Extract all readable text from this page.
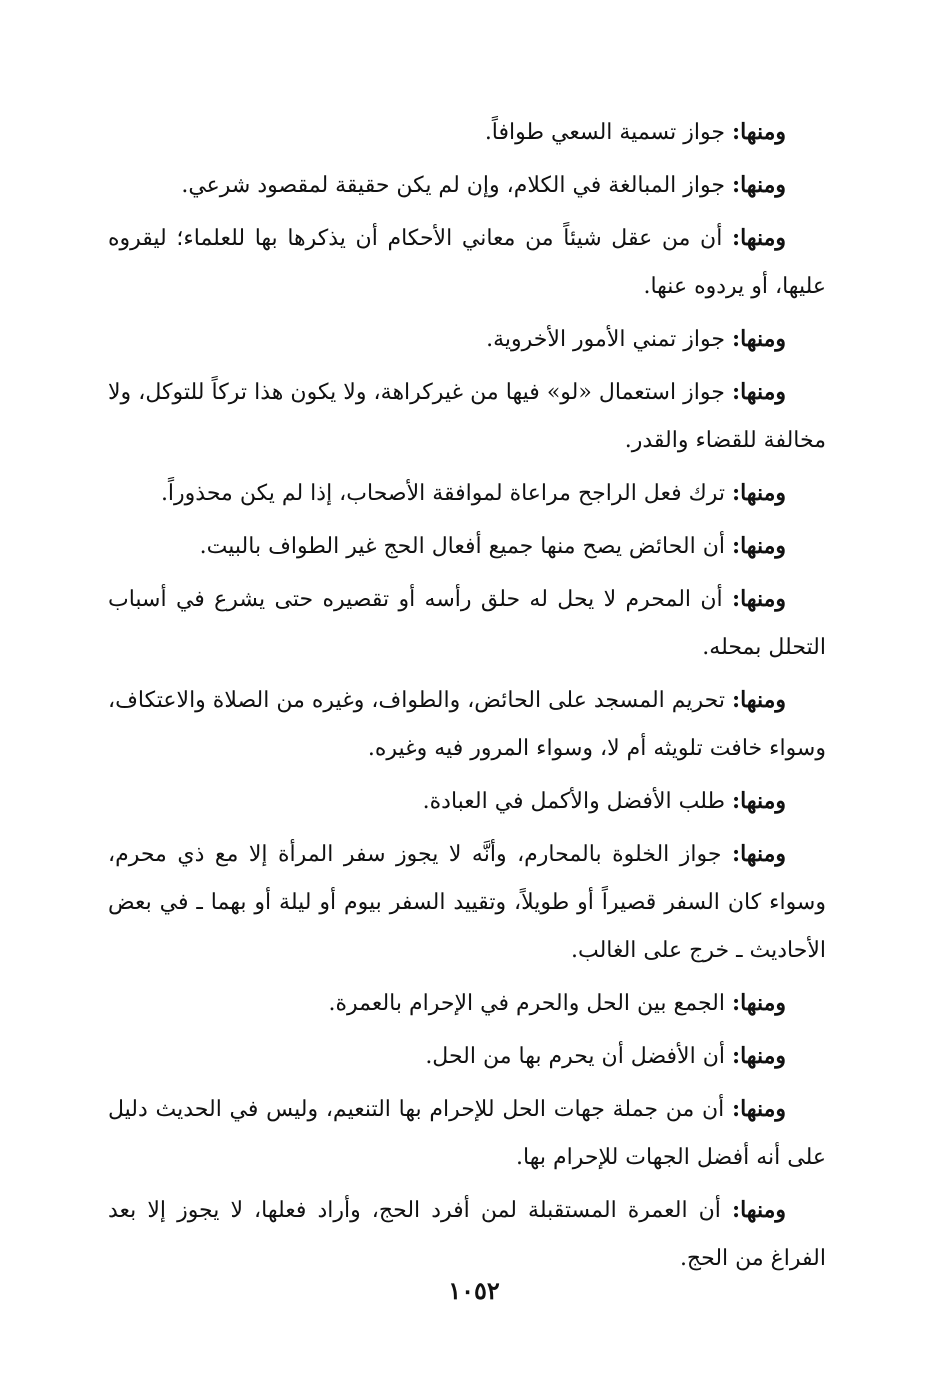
ومنها: جواز تسمية السعي طوافاً.

ومنها: جواز المبالغة في الكلام، وإن لم يكن حقيقة لمقصود شرعي.

ومنها: أن من عقل شيئاً من معاني الأحكام أن يذكرها بها للعلماء؛ ليقروه عليها، أو يردوه عنها.

ومنها: جواز تمني الأمور الأخروية.

ومنها: جواز استعمال «لو» فيها من غيركراهة، ولا يكون هذا تركاً للتوكل، ولا مخالفة للقضاء والقدر.

ومنها: ترك فعل الراجح مراعاة لموافقة الأصحاب، إذا لم يكن محذوراً.

ومنها: أن الحائض يصح منها جميع أفعال الحج غير الطواف بالبيت.

ومنها: أن المحرم لا يحل له حلق رأسه أو تقصيره حتى يشرع في أسباب التحلل بمحله.

ومنها: تحريم المسجد على الحائض، والطواف، وغيره من الصلاة والاعتكاف، وسواء خافت تلويثه أم لا، وسواء المرور فيه وغيره.

ومنها: طلب الأفضل والأكمل في العبادة.

ومنها: جواز الخلوة بالمحارم، وأنَّه لا يجوز سفر المرأة إلا مع ذي محرم، وسواء كان السفر قصيراً أو طويلاً، وتقييد السفر بيوم أو ليلة أو بهما ـ في بعض الأحاديث ـ خرج على الغالب.

ومنها: الجمع بين الحل والحرم في الإحرام بالعمرة.

ومنها: أن الأفضل أن يحرم بها من الحل.

ومنها: أن من جملة جهات الحل للإحرام بها التنعيم، وليس في الحديث دليل على أنه أفضل الجهات للإحرام بها.

ومنها: أن العمرة المستقبلة لمن أفرد الحج، وأراد فعلها، لا يجوز إلا بعد الفراغ من الحج.

١٠٥٢
